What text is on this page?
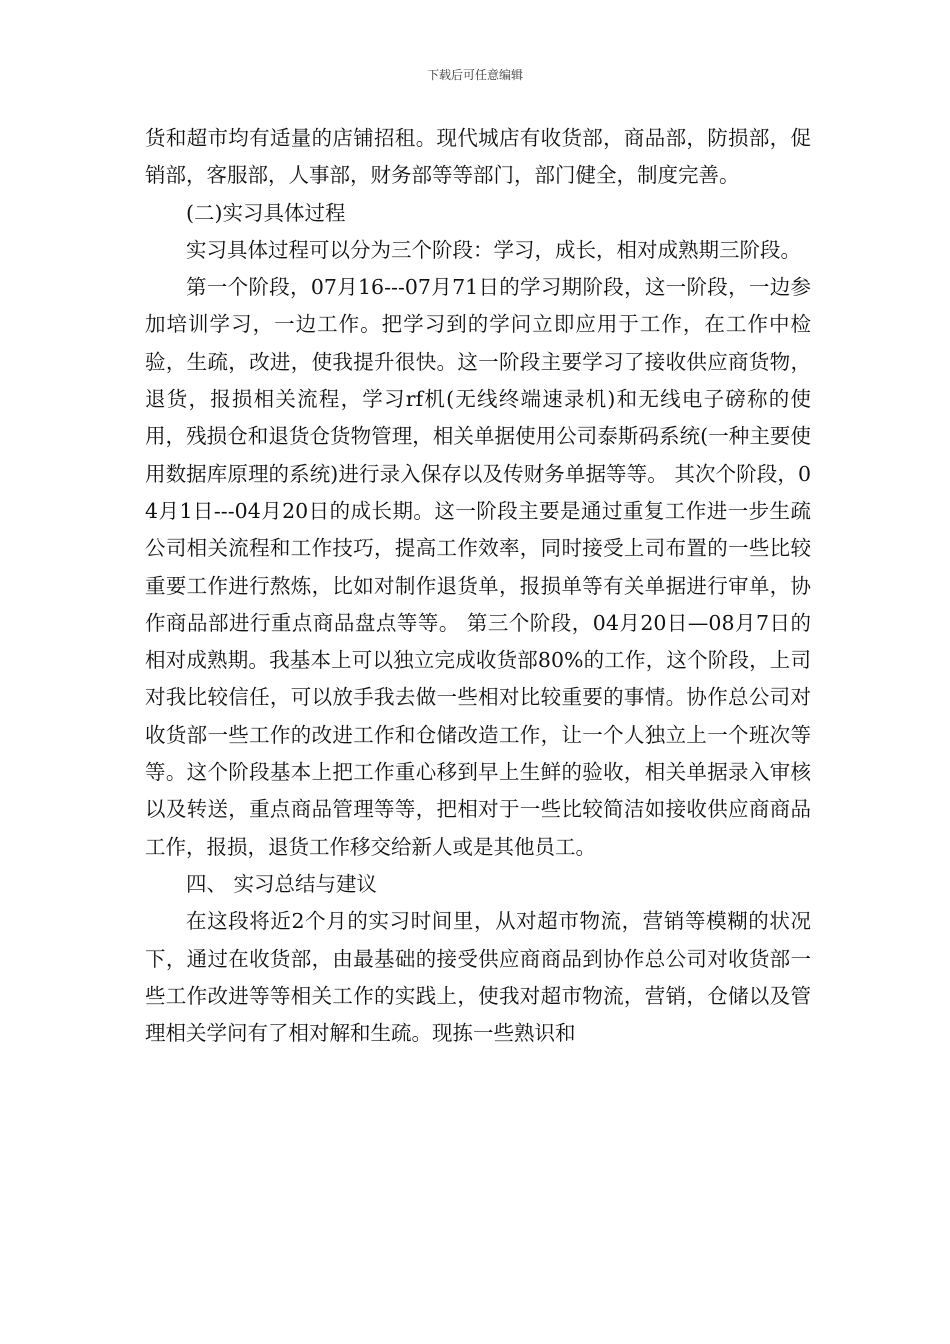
下载后可任意编辑

货和超市均有适量的店铺招租。现代城店有收货部，商品部，防损部，促销部，客服部，人事部，财务部等等部门，部门健全，制度完善。

(二)实习具体过程

实习具体过程可以分为三个阶段：学习，成长，相对成熟期三阶段。

第一个阶段，07月16---07月71日的学习期阶段，这一阶段，一边参加培训学习，一边工作。把学习到的学问立即应用于工作，在工作中检验，生疏，改进，使我提升很快。这一阶段主要学习了接收供应商货物，退货，报损相关流程，学习rf机(无线终端速录机)和无线电子磅称的使用，残损仓和退货仓货物管理，相关单据使用公司泰斯码系统(一种主要使用数据库原理的系统)进行录入保存以及传财务单据等等。 其次个阶段，04月1日---04月20日的成长期。这一阶段主要是通过重复工作进一步生疏公司相关流程和工作技巧，提高工作效率，同时接受上司布置的一些比较重要工作进行熬炼，比如对制作退货单，报损单等有关单据进行审单，协作商品部进行重点商品盘点等等。 第三个阶段，04月20日—08月7日的相对成熟期。我基本上可以独立完成收货部80%的工作，这个阶段，上司对我比较信任，可以放手我去做一些相对比较重要的事情。协作总公司对收货部一些工作的改进工作和仓储改造工作，让一个人独立上一个班次等等。这个阶段基本上把工作重心移到早上生鲜的验收，相关单据录入审核以及转送，重点商品管理等等，把相对于一些比较简洁如接收供应商商品工作，报损，退货工作移交给新人或是其他员工。

四、 实习总结与建议

在这段将近2个月的实习时间里，从对超市物流，营销等模糊的状况下，通过在收货部，由最基础的接受供应商商品到协作总公司对收货部一些工作改进等等相关工作的实践上，使我对超市物流，营销，仓储以及管理相关学问有了相对解和生疏。现拣一些熟识和
